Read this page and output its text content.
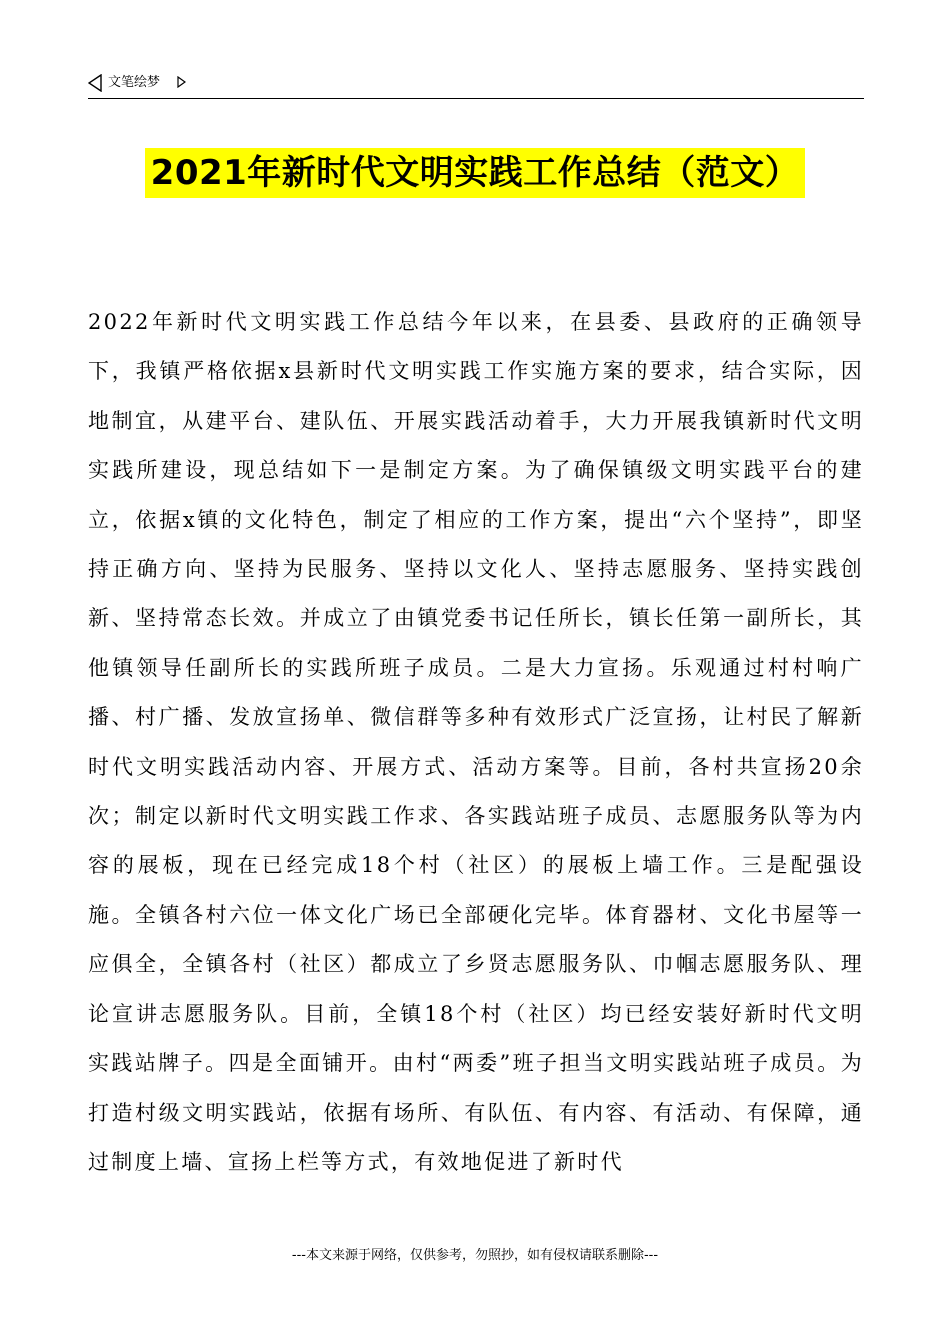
文笔绘梦
2021年新时代文明实践工作总结（范文）

2022年新时代文明实践工作总结今年以来，在县委、县政府的正确领导下，我镇严格依据x县新时代文明实践工作实施方案的要求，结合实际，因地制宜，从建平台、建队伍、开展实践活动着手，大力开展我镇新时代文明实践所建设，现总结如下一是制定方案。为了确保镇级文明实践平台的建立，依据x镇的文化特色，制定了相应的工作方案，提出“六个坚持”，即坚持正确方向、坚持为民服务、坚持以文化人、坚持志愿服务、坚持实践创新、坚持常态长效。并成立了由镇党委书记任所长，镇长任第一副所长，其他镇领导任副所长的实践所班子成员。二是大力宣扬。乐观通过村村响广播、村广播、发放宣扬单、微信群等多种有效形式广泛宣扬，让村民了解新时代文明实践活动内容、开展方式、活动方案等。目前，各村共宣扬20余次；制定以新时代文明实践工作求、各实践站班子成员、志愿服务队等为内容的展板，现在已经完成18个村（社区）的展板上墙工作。三是配强设施。全镇各村六位一体文化广场已全部硬化完毕。体育器材、文化书屋等一应俱全，全镇各村（社区）都成立了乡贤志愿服务队、巾帼志愿服务队、理论宣讲志愿服务队。目前，全镇18个村（社区）均已经安装好新时代文明实践站牌子。四是全面铺开。由村“两委”班子担当文明实践站班子成员。为打造村级文明实践站，依据有场所、有队伍、有内容、有活动、有保障，通过制度上墙、宣扬上栏等方式，有效地促进了新时代

---本文来源于网络，仅供参考，勿照抄，如有侵权请联系删除---
